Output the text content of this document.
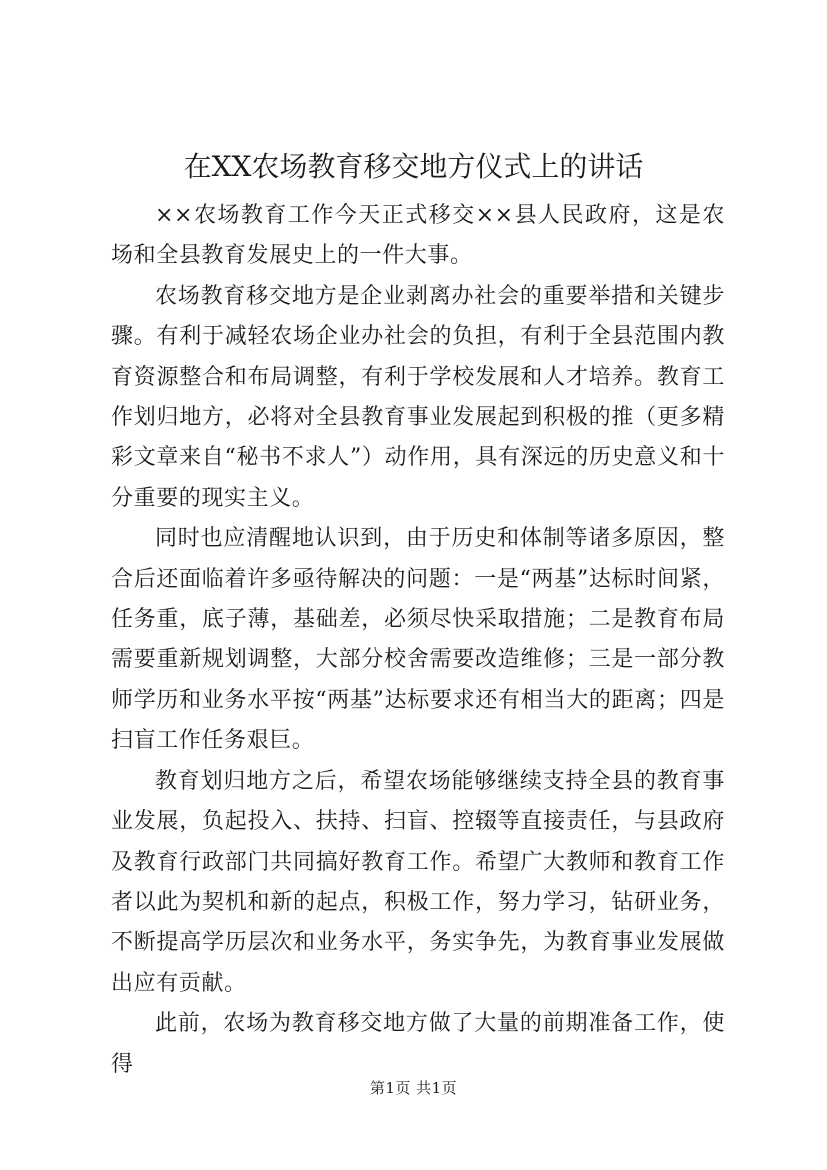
在XX农场教育移交地方仪式上的讲话

××农场教育工作今天正式移交××县人民政府，这是农场和全县教育发展史上的一件大事。

农场教育移交地方是企业剥离办社会的重要举措和关键步骤。有利于减轻农场企业办社会的负担，有利于全县范围内教育资源整合和布局调整，有利于学校发展和人才培养。教育工作划归地方，必将对全县教育事业发展起到积极的推（更多精彩文章来自“秘书不求人”）动作用，具有深远的历史意义和十分重要的现实主义。

同时也应清醒地认识到，由于历史和体制等诸多原因，整合后还面临着许多亟待解决的问题：一是“两基”达标时间紧，任务重，底子薄，基础差，必须尽快采取措施；二是教育布局需要重新规划调整，大部分校舍需要改造维修；三是一部分教师学历和业务水平按“两基”达标要求还有相当大的距离；四是扫盲工作任务艰巨。

教育划归地方之后，希望农场能够继续支持全县的教育事业发展，负起投入、扶持、扫盲、控辍等直接责任，与县政府及教育行政部门共同搞好教育工作。希望广大教师和教育工作者以此为契机和新的起点，积极工作，努力学习，钻研业务，不断提高学历层次和业务水平，务实争先，为教育事业发展做出应有贡献。

此前，农场为教育移交地方做了大量的前期准备工作，使得

第1页 共1页
